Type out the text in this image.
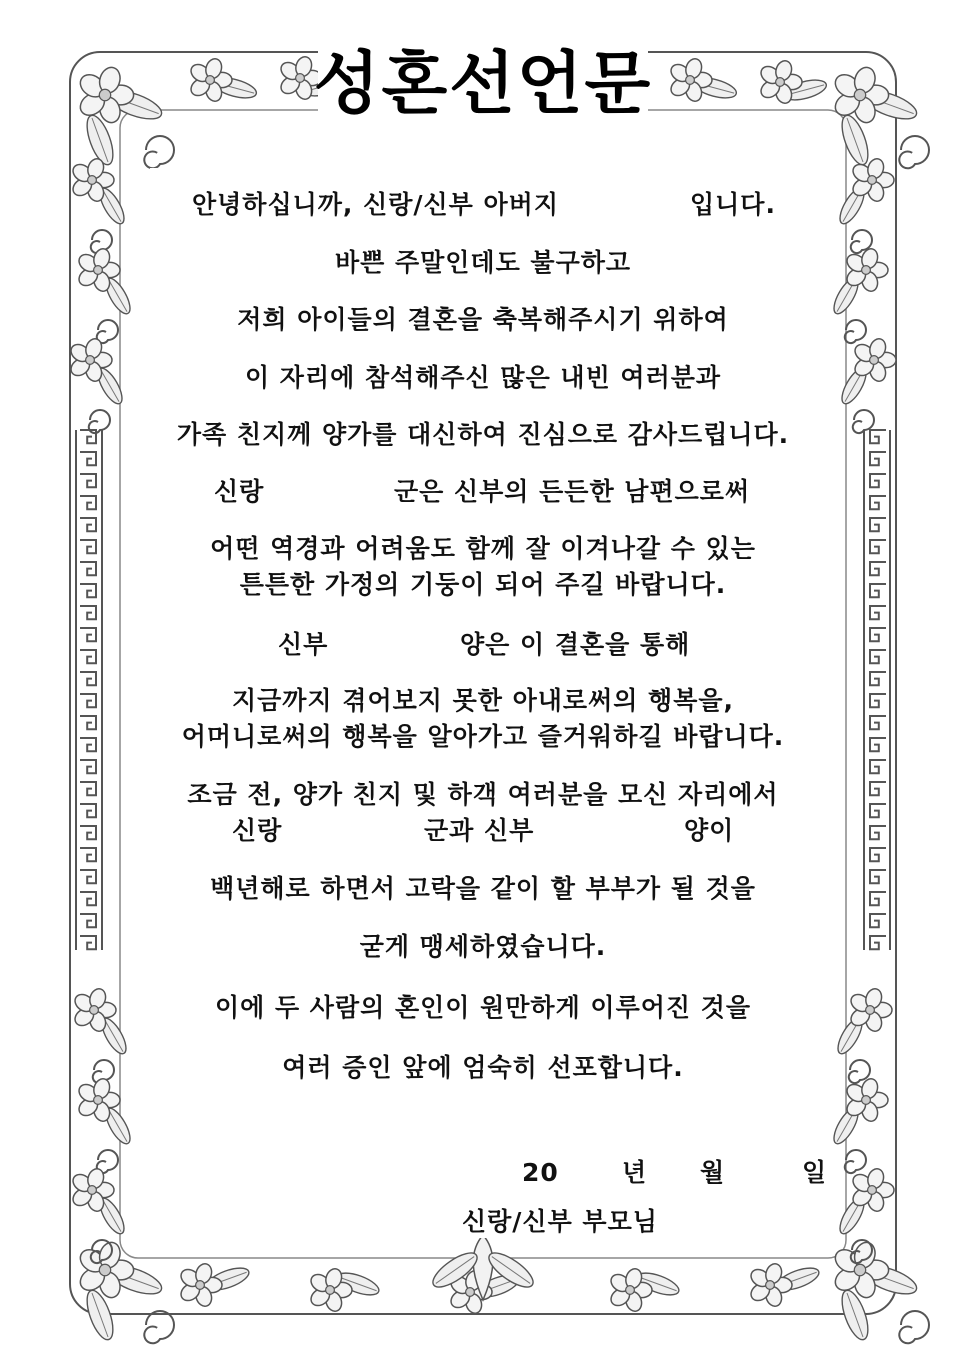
성혼선언문
안녕하십니까, 신랑/신부 아버지	입니다.
바쁜 주말인데도 불구하고
저희 아이들의 결혼을 축복해주시기 위하여
이 자리에 참석해주신 많은 내빈 여러분과
가족 친지께 양가를 대신하여 진심으로 감사드립니다.
신랑	군은 신부의 든든한 남편으로써
어떤 역경과 어려움도 함께 잘 이겨나갈 수 있는
튼튼한 가정의 기둥이 되어 주길 바랍니다.
신부	양은 이 결혼을 통해
지금까지 겪어보지 못한 아내로써의 행복을,
어머니로써의 행복을 알아가고 즐거워하길 바랍니다.
조금 전, 양가 친지 및 하객 여러분을 모신 자리에서
신랑	군과 신부	양이
백년해로 하면서 고락을 같이 할 부부가 될 것을
굳게 맹세하였습니다.
이에 두 사람의 혼인이 원만하게 이루어진 것을
여러 증인 앞에 엄숙히 선포합니다.
20	년 월	일
신랑/신부 부모님
